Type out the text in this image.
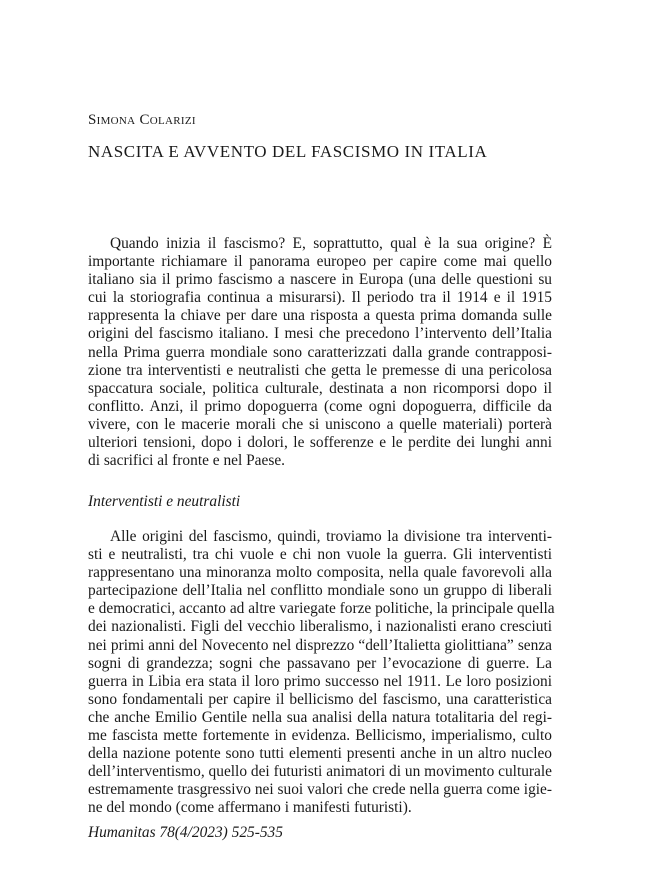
Simona Colarizi
NASCITA E AVVENTO DEL FASCISMO IN ITALIA
Quando inizia il fascismo? E, soprattutto, qual è la sua origine? È
importante richiamare il panorama europeo per capire come mai quello
italiano sia il primo fascismo a nascere in Europa (una delle questioni su
cui la storiografia continua a misurarsi). Il periodo tra il 1914 e il 1915
rappresenta la chiave per dare una risposta a questa prima domanda sulle
origini del fascismo italiano. I mesi che precedono l’intervento dell’Italia
nella Prima guerra mondiale sono caratterizzati dalla grande contrapposi-
zione tra interventisti e neutralisti che getta le premesse di una pericolosa
spaccatura sociale, politica culturale, destinata a non ricomporsi dopo il
conflitto. Anzi, il primo dopoguerra (come ogni dopoguerra, difficile da
vivere, con le macerie morali che si uniscono a quelle materiali) porterà
ulteriori tensioni, dopo i dolori, le sofferenze e le perdite dei lunghi anni
di sacrifici al fronte e nel Paese.
Interventisti e neutralisti
Alle origini del fascismo, quindi, troviamo la divisione tra interventi-
sti e neutralisti, tra chi vuole e chi non vuole la guerra. Gli interventisti
rappresentano una minoranza molto composita, nella quale favorevoli alla
partecipazione dell’Italia nel conflitto mondiale sono un gruppo di liberali
e democratici, accanto ad altre variegate forze politiche, la principale quella
dei nazionalisti. Figli del vecchio liberalismo, i nazionalisti erano cresciuti
nei primi anni del Novecento nel disprezzo “dell’Italietta giolittiana” senza
sogni di grandezza; sogni che passavano per l’evocazione di guerre. La
guerra in Libia era stata il loro primo successo nel 1911. Le loro posizioni
sono fondamentali per capire il bellicismo del fascismo, una caratteristica
che anche Emilio Gentile nella sua analisi della natura totalitaria del regi-
me fascista mette fortemente in evidenza. Bellicismo, imperialismo, culto
della nazione potente sono tutti elementi presenti anche in un altro nucleo
dell’interventismo, quello dei futuristi animatori di un movimento culturale
estremamente trasgressivo nei suoi valori che crede nella guerra come igie-
ne del mondo (come affermano i manifesti futuristi).
Humanitas 78(4/2023) 525-535
